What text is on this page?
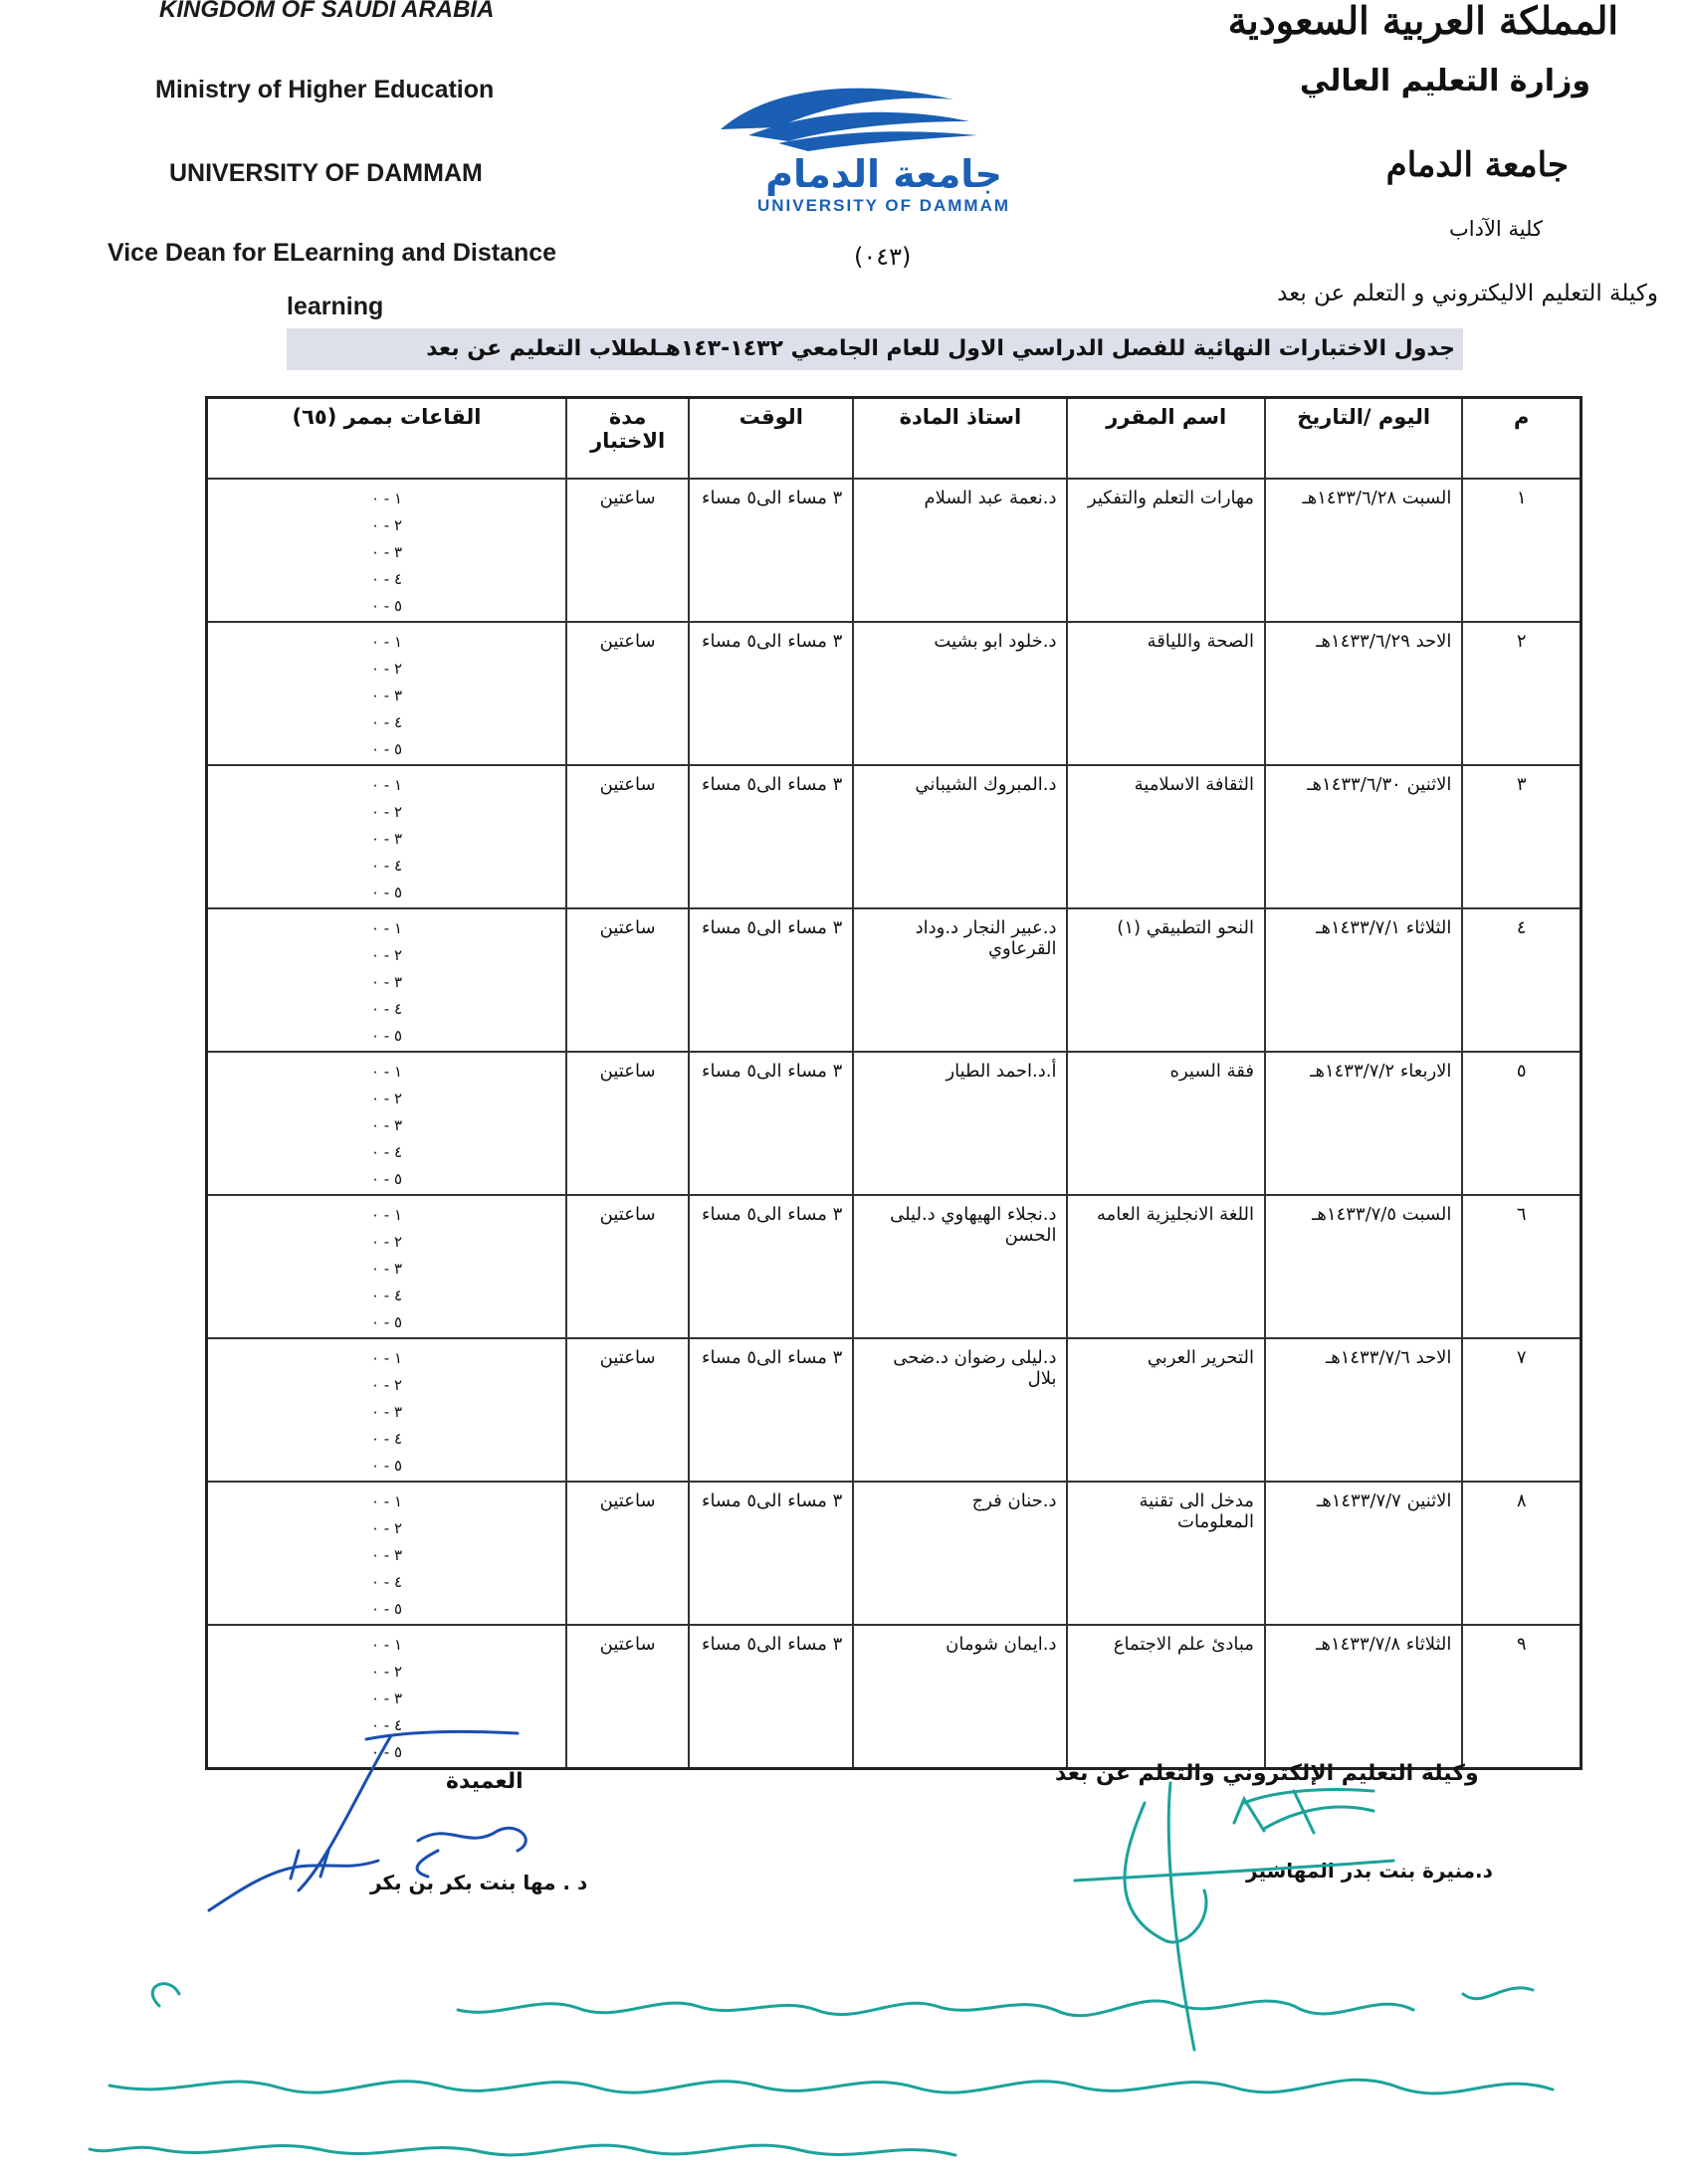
KINGDOM OF SAUDI ARABIA
Ministry of Higher Education
UNIVERSITY OF DAMMAM
Vice Dean for ELearning and Distance
learning
المملكة العربية السعودية
وزارة التعليم العالي
جامعة الدمام
كلية الآداب
وكيلة التعليم الاليكتروني و التعلم عن بعد
جامعة الدمام
UNIVERSITY OF DAMMAM
(٠٤٣)
جدول الاختبارات النهائية للفصل الدراسي الاول للعام الجامعي ١٤٣٢-١٤٣هـلطلاب التعليم عن بعد
م	اليوم /التاريخ	اسم المقرر	استاذ المادة	الوقت	مدة الاختبار	القاعات بممر (٦٥)
١	السبت ١٤٣٣/٦/٢٨هـ	مهارات التعلم والتفكير	د.نعمة عبد السلام	٣ مساء الى٥ مساء	ساعتين	١ - ٠
٢ - ٠
٣ - ٠
٤ - ٠
٥ - ٠

٢	الاحد ١٤٣٣/٦/٢٩هـ	الصحة واللياقة	د.خلود ابو بشيت	٣ مساء الى٥ مساء	ساعتين	١ - ٠
٢ - ٠
٣ - ٠
٤ - ٠
٥ - ٠

٣	الاثنين ١٤٣٣/٦/٣٠هـ	الثقافة الاسلامية	د.المبروك الشيباني	٣ مساء الى٥ مساء	ساعتين	١ - ٠
٢ - ٠
٣ - ٠
٤ - ٠
٥ - ٠

٤	الثلاثاء ١٤٣٣/٧/١هـ	النحو التطبيقي (١)	د.عبير النجار د.وداد القرعاوي	٣ مساء الى٥ مساء	ساعتين	١ - ٠
٢ - ٠
٣ - ٠
٤ - ٠
٥ - ٠

٥	الاربعاء ١٤٣٣/٧/٢هـ	فقة السيره	أ.د.احمد الطيار	٣ مساء الى٥ مساء	ساعتين	١ - ٠
٢ - ٠
٣ - ٠
٤ - ٠
٥ - ٠

٦	السبت ١٤٣٣/٧/٥هـ	اللغة الانجليزية العامه	د.نجلاء الهيهاوي د.ليلى الحسن	٣ مساء الى٥ مساء	ساعتين	١ - ٠
٢ - ٠
٣ - ٠
٤ - ٠
٥ - ٠

٧	الاحد ١٤٣٣/٧/٦هـ	التحرير العربي	د.ليلى رضوان د.ضحى بلال	٣ مساء الى٥ مساء	ساعتين	١ - ٠
٢ - ٠
٣ - ٠
٤ - ٠
٥ - ٠

٨	الاثنين ١٤٣٣/٧/٧هـ	مدخل الى تقنية المعلومات	د.حنان فرج	٣ مساء الى٥ مساء	ساعتين	١ - ٠
٢ - ٠
٣ - ٠
٤ - ٠
٥ - ٠

٩	الثلاثاء ١٤٣٣/٧/٨هـ	مبادئ علم الاجتماع	د.ايمان شومان	٣ مساء الى٥ مساء	ساعتين	١ - ٠
٢ - ٠
٣ - ٠
٤ - ٠
٥ - ٠
العميدة
د . مها بنت بكر بن بكر
وكيلة التعليم الإلكتروني والتعلم عن بعد
د.منيرة بنت بدر المهاشير
